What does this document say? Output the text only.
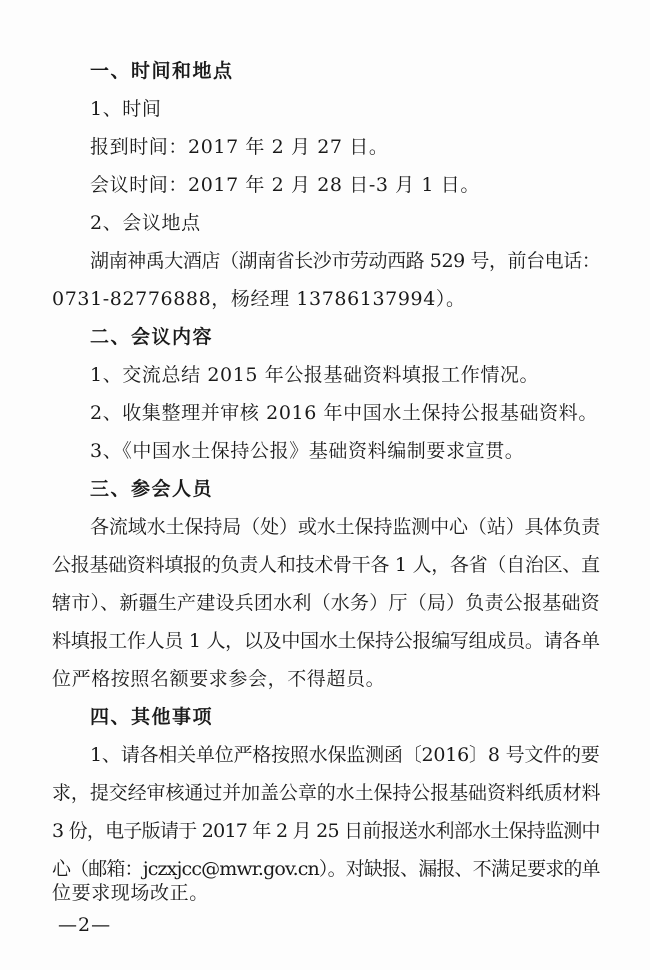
一、时间和地点
1、时间
报到时间：2017 年 2 月 27 日。
会议时间：2017 年 2 月 28 日-3 月 1 日。
2、会议地点
湖南神禹大酒店（湖南省长沙市劳动西路 529 号，前台电话：
0731-82776888，杨经理 13786137994）。
二、会议内容
1、交流总结 2015 年公报基础资料填报工作情况。
2、收集整理并审核 2016 年中国水土保持公报基础资料。
3、《中国水土保持公报》基础资料编制要求宣贯。
三、参会人员
各流域水土保持局（处）或水土保持监测中心（站）具体负责
公报基础资料填报的负责人和技术骨干各 1 人，各省（自治区、直
辖市）、新疆生产建设兵团水利（水务）厅（局）负责公报基础资
料填报工作人员 1 人，以及中国水土保持公报编写组成员。请各单
位严格按照名额要求参会，不得超员。
四、其他事项
1、请各相关单位严格按照水保监测函〔2016〕8 号文件的要
求，提交经审核通过并加盖公章的水土保持公报基础资料纸质材料
3 份，电子版请于 2017 年 2 月 25 日前报送水利部水土保持监测中
心（邮箱：jczxjcc@mwr.gov.cn）。对缺报、漏报、不满足要求的单
位要求现场改正。
—2—
